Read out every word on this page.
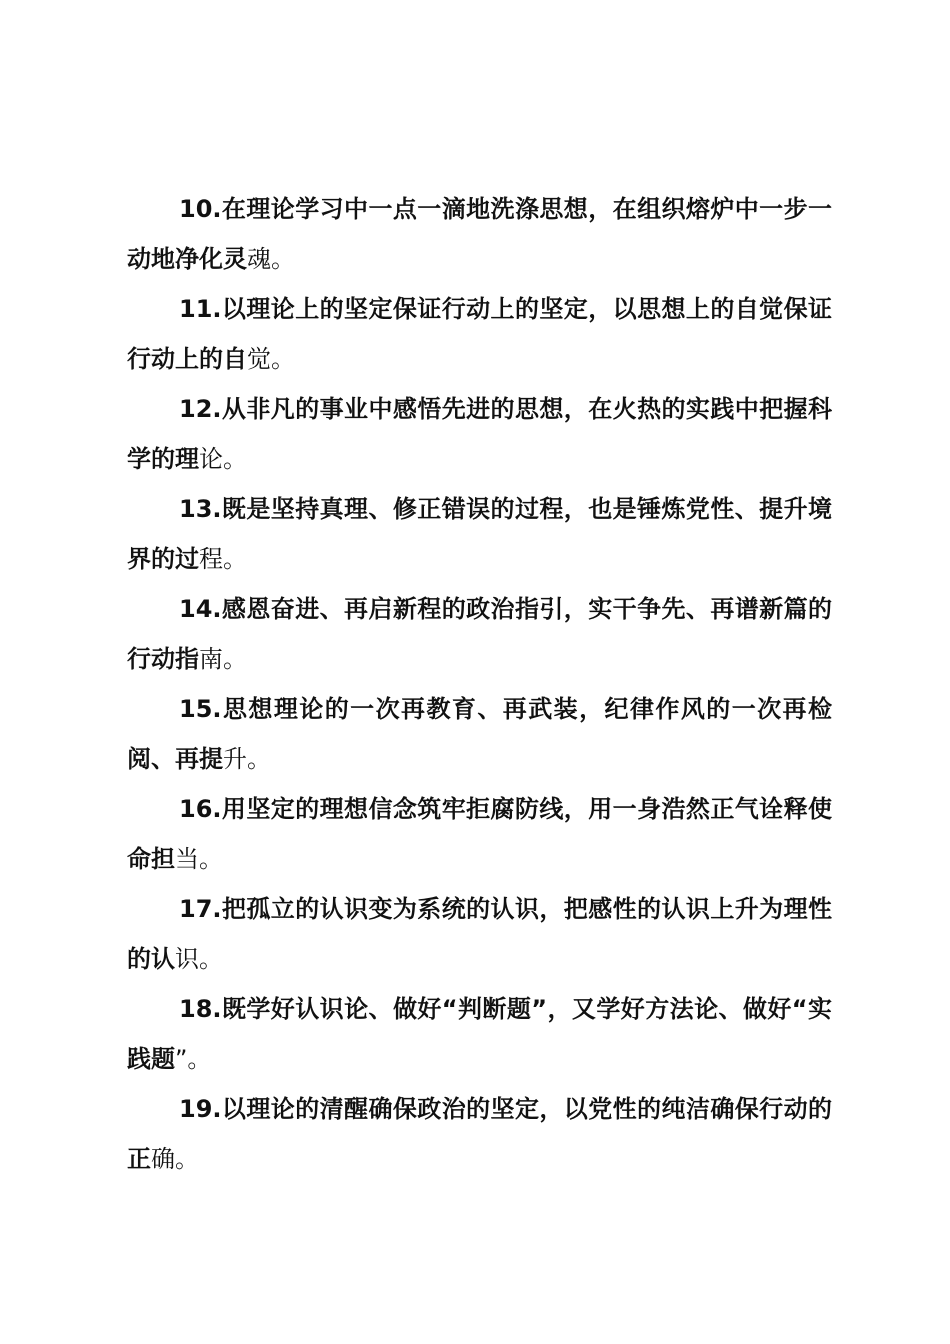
10.在理论学习中一点一滴地洗涤思想，在组织熔炉中一步一动地净化灵魂。

11.以理论上的坚定保证行动上的坚定，以思想上的自觉保证行动上的自觉。

12.从非凡的事业中感悟先进的思想，在火热的实践中把握科学的理论。

13.既是坚持真理、修正错误的过程，也是锤炼党性、提升境界的过程。

14.感恩奋进、再启新程的政治指引，实干争先、再谱新篇的行动指南。

15.思想理论的一次再教育、再武装，纪律作风的一次再检阅、再提升。

16.用坚定的理想信念筑牢拒腐防线，用一身浩然正气诠释使命担当。

17.把孤立的认识变为系统的认识，把感性的认识上升为理性的认识。

18.既学好认识论、做好“判断题”，又学好方法论、做好“实践题”。

19.以理论的清醒确保政治的坚定，以党性的纯洁确保行动的正确。
